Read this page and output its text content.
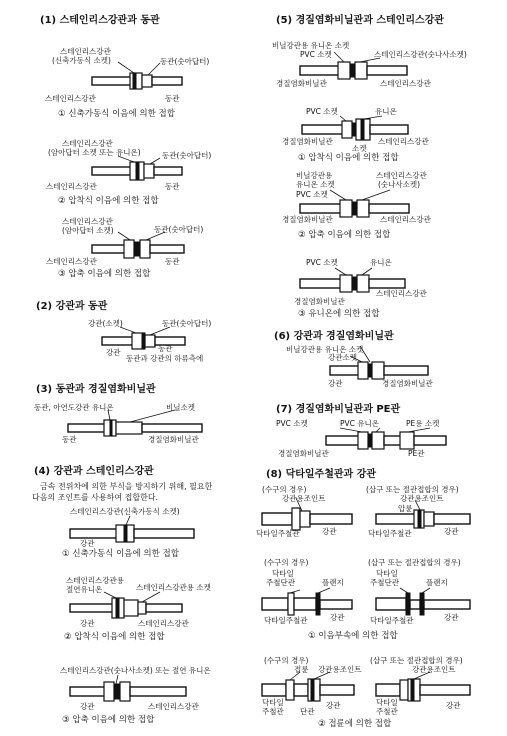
(1) 스테인리스강관과 동관
스테인리스강관
(신축가동식 소켓)	동관(숫아답터)
스테인리스강관	동관
① 신축가동식 이음에 의한 접합
스테인리스강관
(암아답터 소켓 또는 유니온)	동관(숫아답터)
스테인리스강관	동관
② 압착식 이음에 의한 접합
스테인리스강관
(암아답터 소켓)	동관(숫아답터)
스테인리스강관	동관
③ 압축 이음에 의한 접합
(2) 강관과 동관
강관(소켓)	동관(숫아답터)
강관	동관
동관과 강관의 하류측에
(3) 동관과 경질염화비닐관
동관, 아연도강관 유니온	비닐소켓
동관	경질염화비닐관
(4) 강관과 스테인리스강관
금속 전위차에 의한 부식을 방지하기 위해, 필요한
다음의 조인트를 사용하여 접합한다.
스테인리스강관(신축가동식 소켓)
강관
① 신축가동식 이음에 의한 접합
스테인리스강관용
절연유니온	스테인리스강관용 소켓
강관	스테인리스강관
② 압착식 이음에 의한 접합
스테인리스강관(숫나사소켓) 또는 절연 유니온
강관	스테인리스강관
③ 압축 이음에 의한 접합
(5) 경질염화비닐관과 스테인리스강관
비닐강관용 유니온 소켓
PVC 소켓	스테인리스강관(숫나사소켓)
경질염화비닐관	스테인리스강관
PVC 소켓	유니온
경질염화비닐관
소켓
스테인리스강관
① 압착식 이음에 의한 접합
비닐강관용
유니온 소켓
스테인리스강관
(숫나사소켓)
PVC 소켓
경질염화비닐관	스테인리스강관
② 압축 이음에 의한 접합
PVC 소켓	유니온
스테인리스강관
경질염화비닐관
③ 유니온에 의한 접합
(6) 강관과 경질염화비닐관
비닐강관용 유니온 소켓
강관소켓
강관	경질염화비닐관
(7) 경질염화비닐관과 PE관
PVC 소켓	PVC 유니온	PE용 소켓
경질염화비닐관	PE관
(8) 닥타일주철관과 강관
(수구의 경우)
강관용조인트
(삽구 또는 절관접합의 경우)
강관용조인트
압륜
닥타일주철관	강관	닥타일주철관	강관
(수구의 경우)
닥타일
주철단관	플랜지
(삽구 또는 절관접합의 경우)
닥타일
주철단관	플랜지
닥타일주철관	강관	닥타일주철관	강관
① 이음부속에 의한 접합
(수구의 경우)
접륜 강관용조인트
(삽구 또는 절관접합의 경우)
강관용조인트
닥타일
주철관 단관
강관	닥타일
주철관
강관
② 접륜에 의한 접합
